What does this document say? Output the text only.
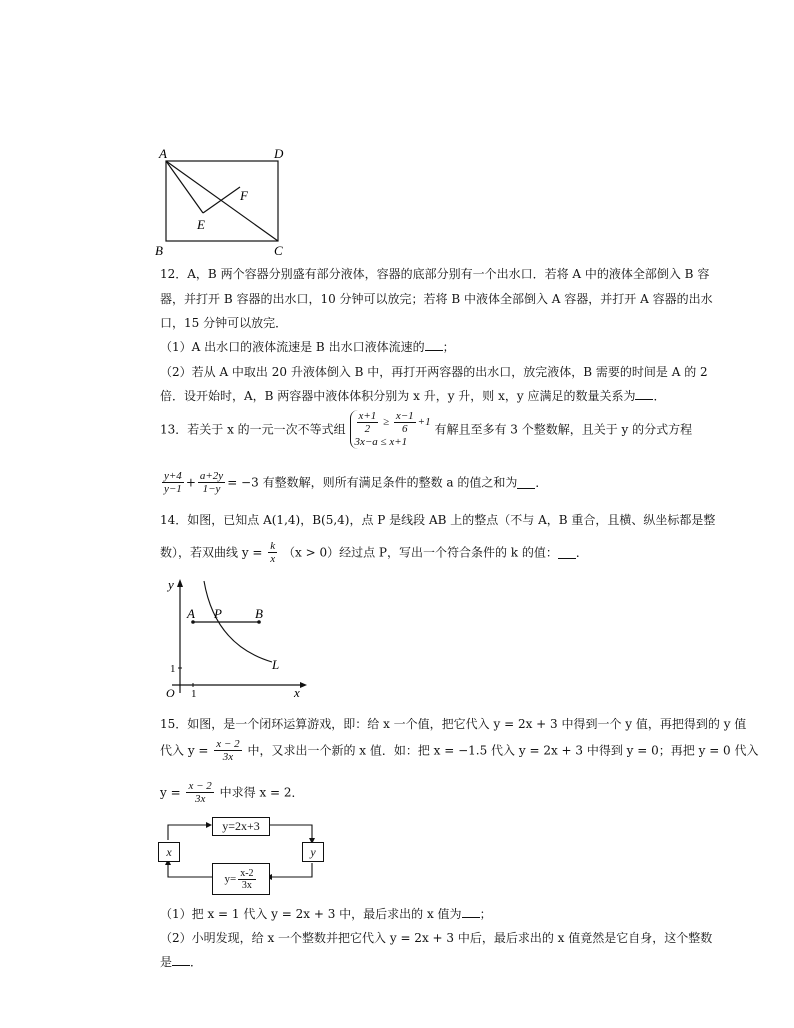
A	D
B	C
E
F
12．A，B 两个容器分别盛有部分液体，容器的底部分别有一个出水口．若将 A 中的液体全部倒入 B 容
器，并打开 B 容器的出水口，10 分钟可以放完；若将 B 中液体全部倒入 A 容器，并打开 A 容器的出水
口，15 分钟可以放完．
（1）A 出水口的液体流速是 B 出水口液体流速的 ；
（2）若从 A 中取出 20 升液体倒入 B 中，再打开两容器的出水口，放完液体，B 需要的时间是 A 的 2
倍．设开始时，A，B 两容器中液体体积分别为 x 升，y 升，则 x，y 应满足的数量关系为 ．
13．若关于 x 的一元一次不等式组 $\frac{x+1}{2} \ge \frac{x-1}{6} +1$
3x−a ≤ x+1
有解且至多有 3 个整数解，且关于 y 的分式方程
$\frac{y+4}{y-1} + \frac{a+2y}{1-y} = -3$ 有整数解，则所有满足条件的整数 a 的值之和为 ．
14．如图，已知点 A(1,4)，B(5,4)，点 P 是线段 AB 上的整点（不与 A，B 重合，且横、纵坐标都是整
数），若双曲线 $y = \frac{k}{x} (x > 0)$经过点 P，写出一个符合条件的 k 的值： ．
y
x
O 1
1
A P	B
L
15．如图，是一个闭环运算游戏，即：给 x 一个值，把它代入 y = 2x + 3 中得到一个 y 值，再把得到的 y 值
代入 $y = \frac{x - 2}{3x}$ 中，又求出一个新的 x 值．如：把 x = −1.5 代入 y = 2x + 3 中得到 y = 0；再把 y = 0 代入
$y = \frac{x - 2}{3x}$ 中求得 x = 2．
y=2x+3
x	y
$y= \frac{x-2}{3x}$
（1）把 x = 1 代入 y = 2x + 3 中，最后求出的 x 值为 ；
（2）小明发现，给 x 一个整数并把它代入 y = 2x + 3 中后，最后求出的 x 值竟然是它自身，这个整数
是 ．
